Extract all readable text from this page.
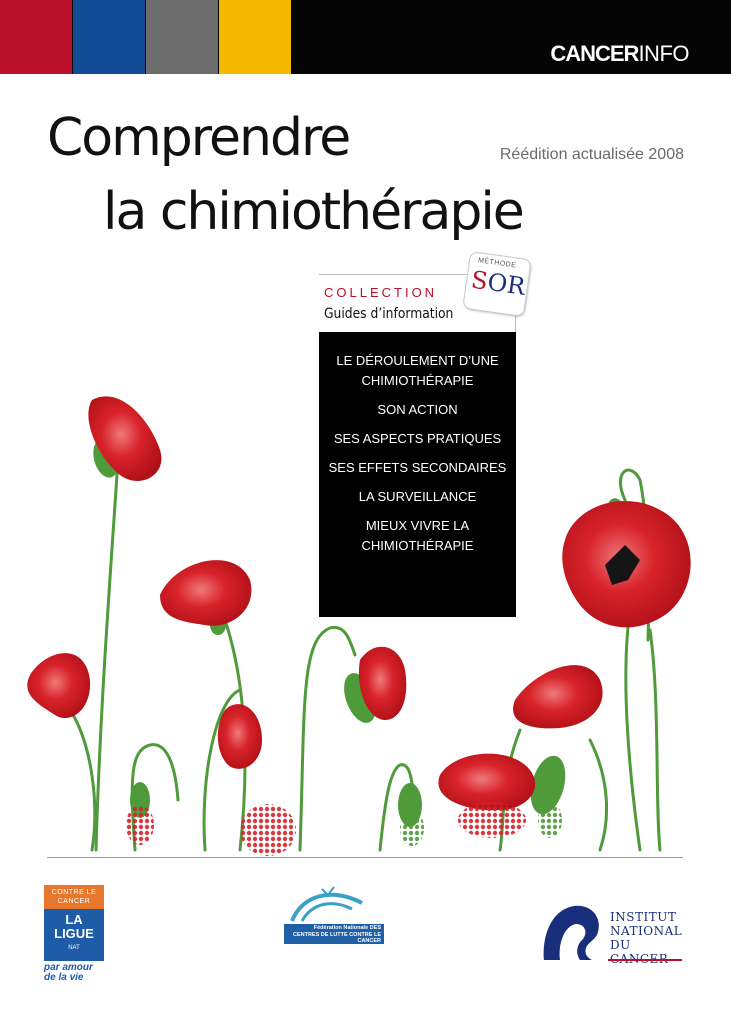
CANCERINFO
Comprendre
la chimiothérapie
Réédition actualisée 2008
COLLECTION
Guides d’information
MÉTHODE
SOR
LE DÉROULEMENT D’UNE CHIMIOTHÉRAPIE
SON ACTION
SES ASPECTS PRATIQUES
SES EFFETS SECONDAIRES
LA SURVEILLANCE
MIEUX VIVRE LA CHIMIOTHÉRAPIE
CONTRE LE CANCER
LA LIGUE
NAT
par amour de la vie
Fédération Nationale DES CENTRES DE LUTTE CONTRE LE CANCER
INSTITUT
NATIONAL
DU
